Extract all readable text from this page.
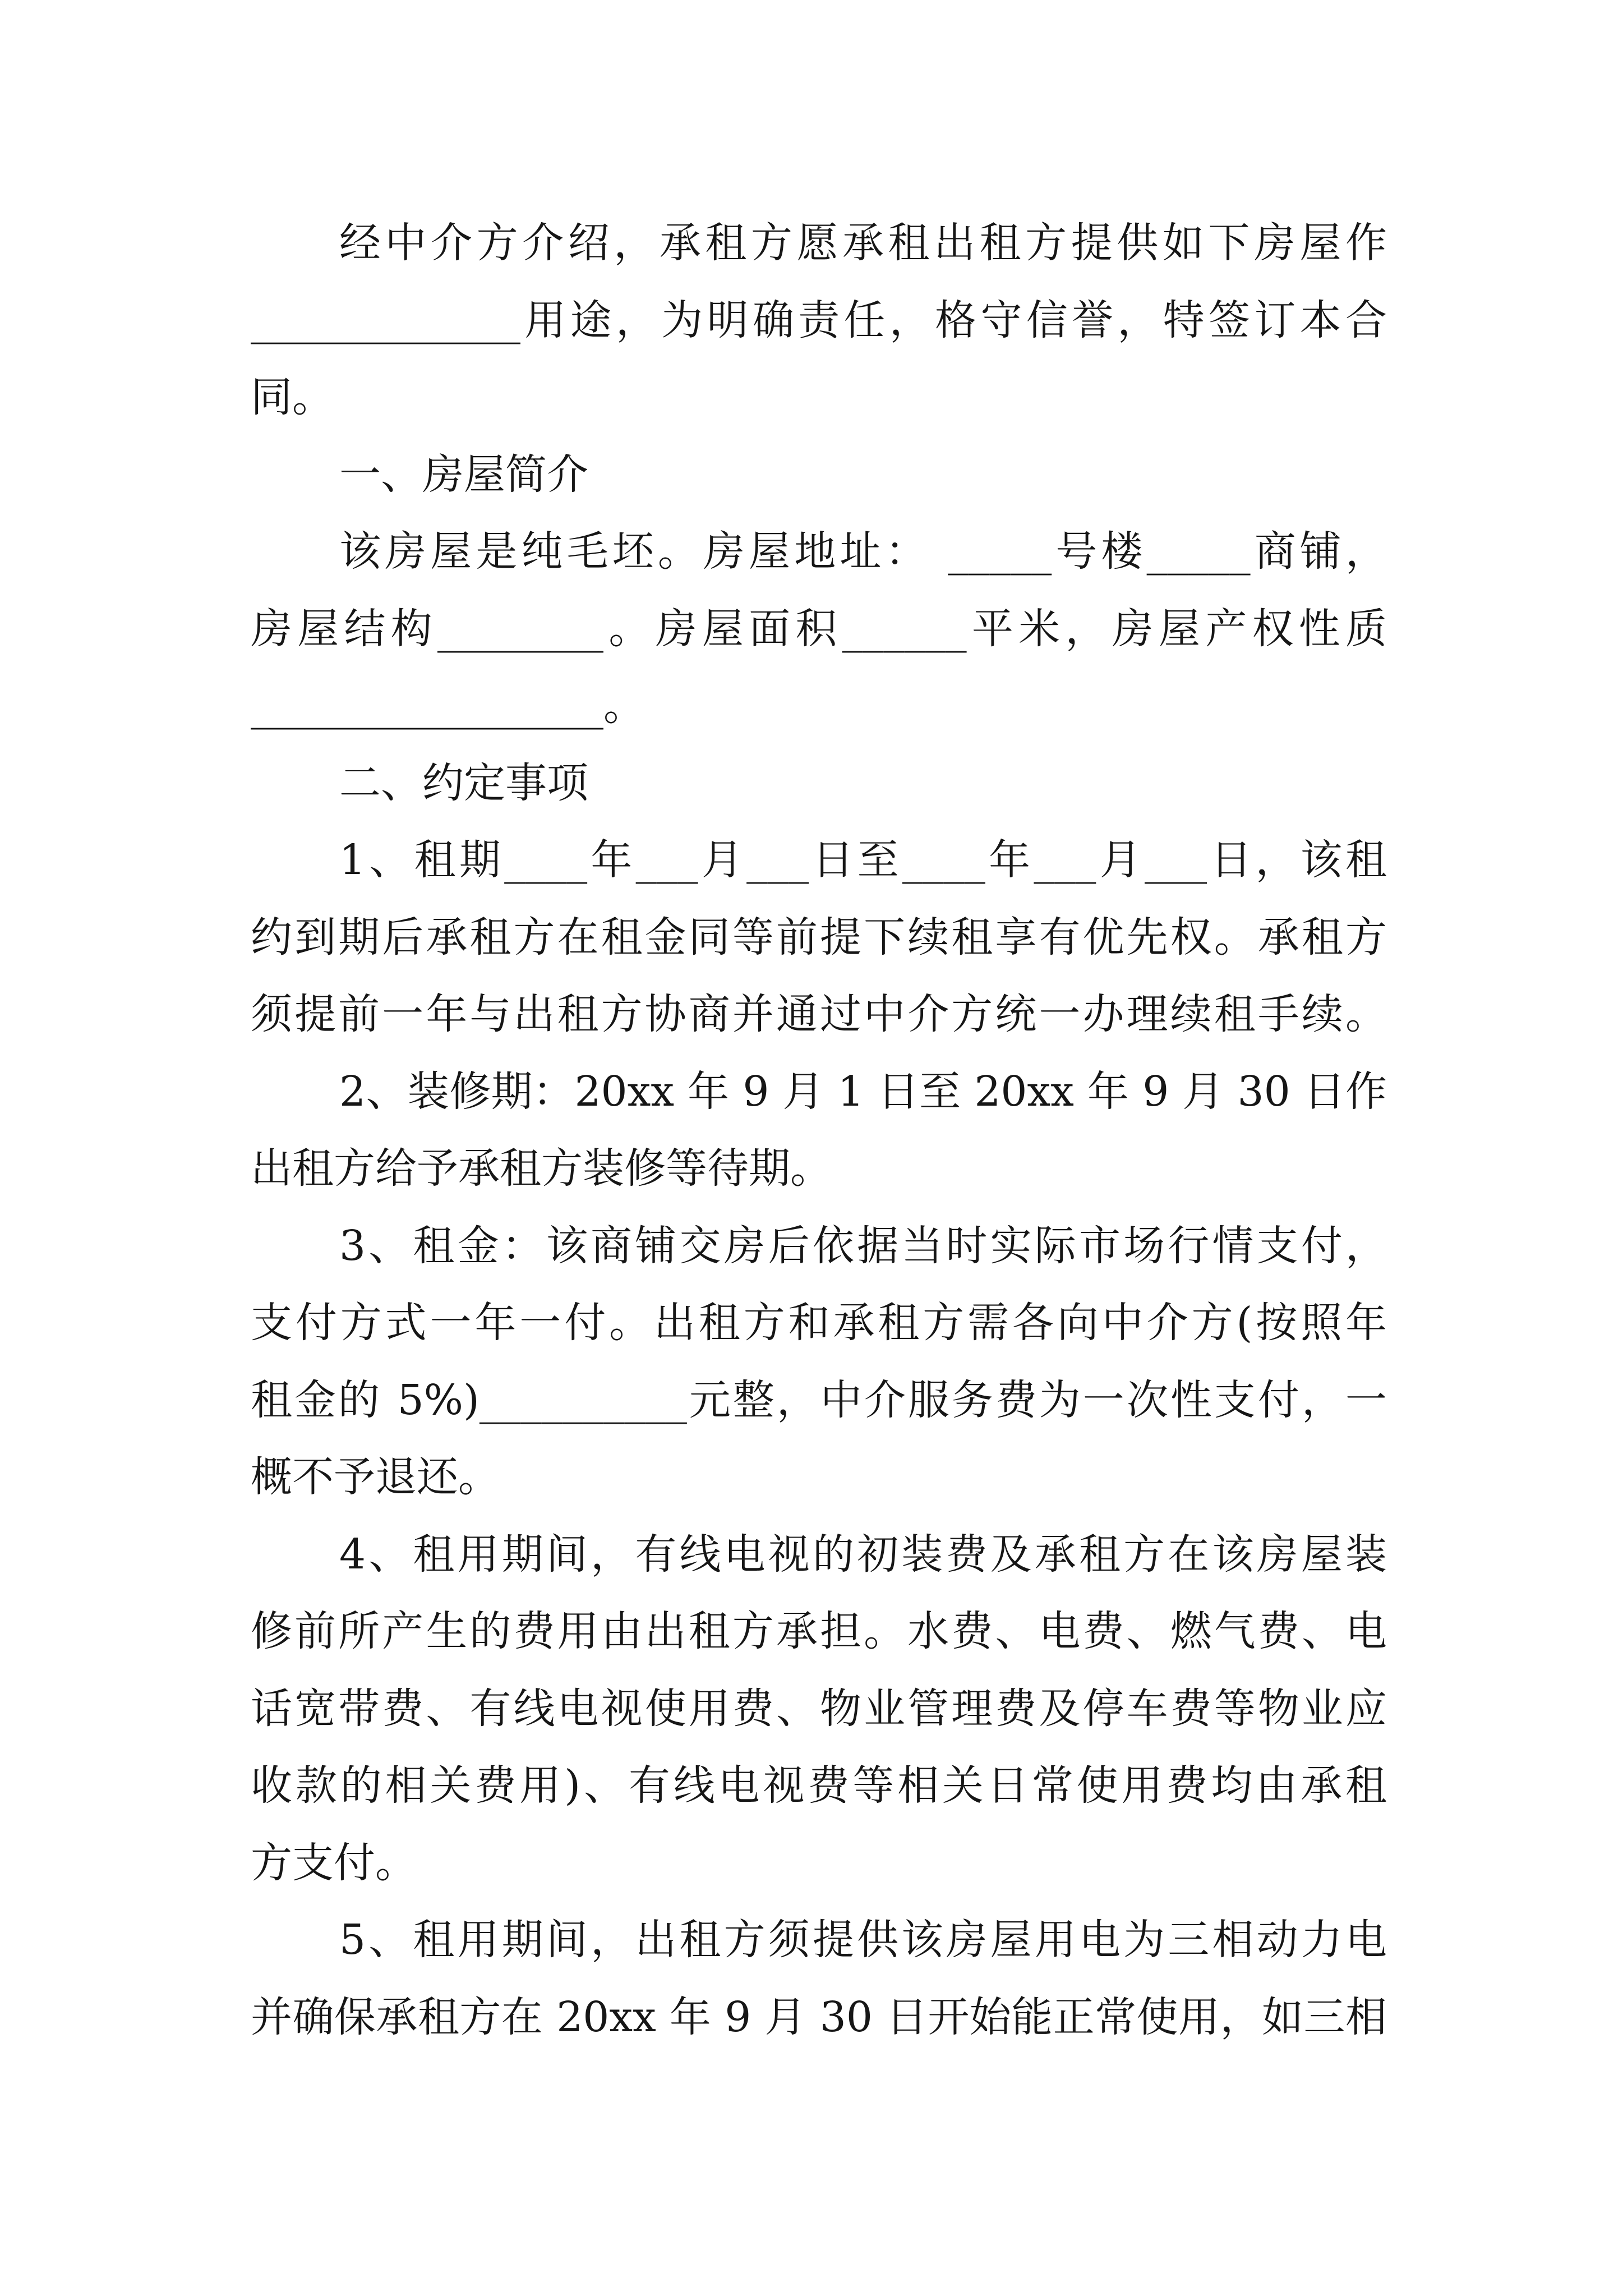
经中介方介绍，承租方愿承租出租方提供如下房屋作
_____________用途，为明确责任，格守信誉，特签订本合
同。
一、房屋简介
该房屋是纯毛坯。房屋地址： _____号楼_____商铺，
房屋结构________。房屋面积______平米，房屋产权性质
_________________。
二、约定事项
1、租期____年___月___日至____年___月___日，该租
约到期后承租方在租金同等前提下续租享有优先权。承租方
须提前一年与出租方协商并通过中介方统一办理续租手续。
2、装修期：20xx 年 9 月 1 日至 20xx 年 9 月 30 日作
出租方给予承租方装修等待期。
3、租金：该商铺交房后依据当时实际市场行情支付，
支付方式一年一付。出租方和承租方需各向中介方(按照年
租金的 5%)__________元整，中介服务费为一次性支付，一
概不予退还。
4、租用期间，有线电视的初装费及承租方在该房屋装
修前所产生的费用由出租方承担。水费、电费、燃气费、电
话宽带费、有线电视使用费、物业管理费及停车费等物业应
收款的相关费用)、有线电视费等相关日常使用费均由承租
方支付。
5、租用期间，出租方须提供该房屋用电为三相动力电
并确保承租方在 20xx 年 9 月 30 日开始能正常使用，如三相
